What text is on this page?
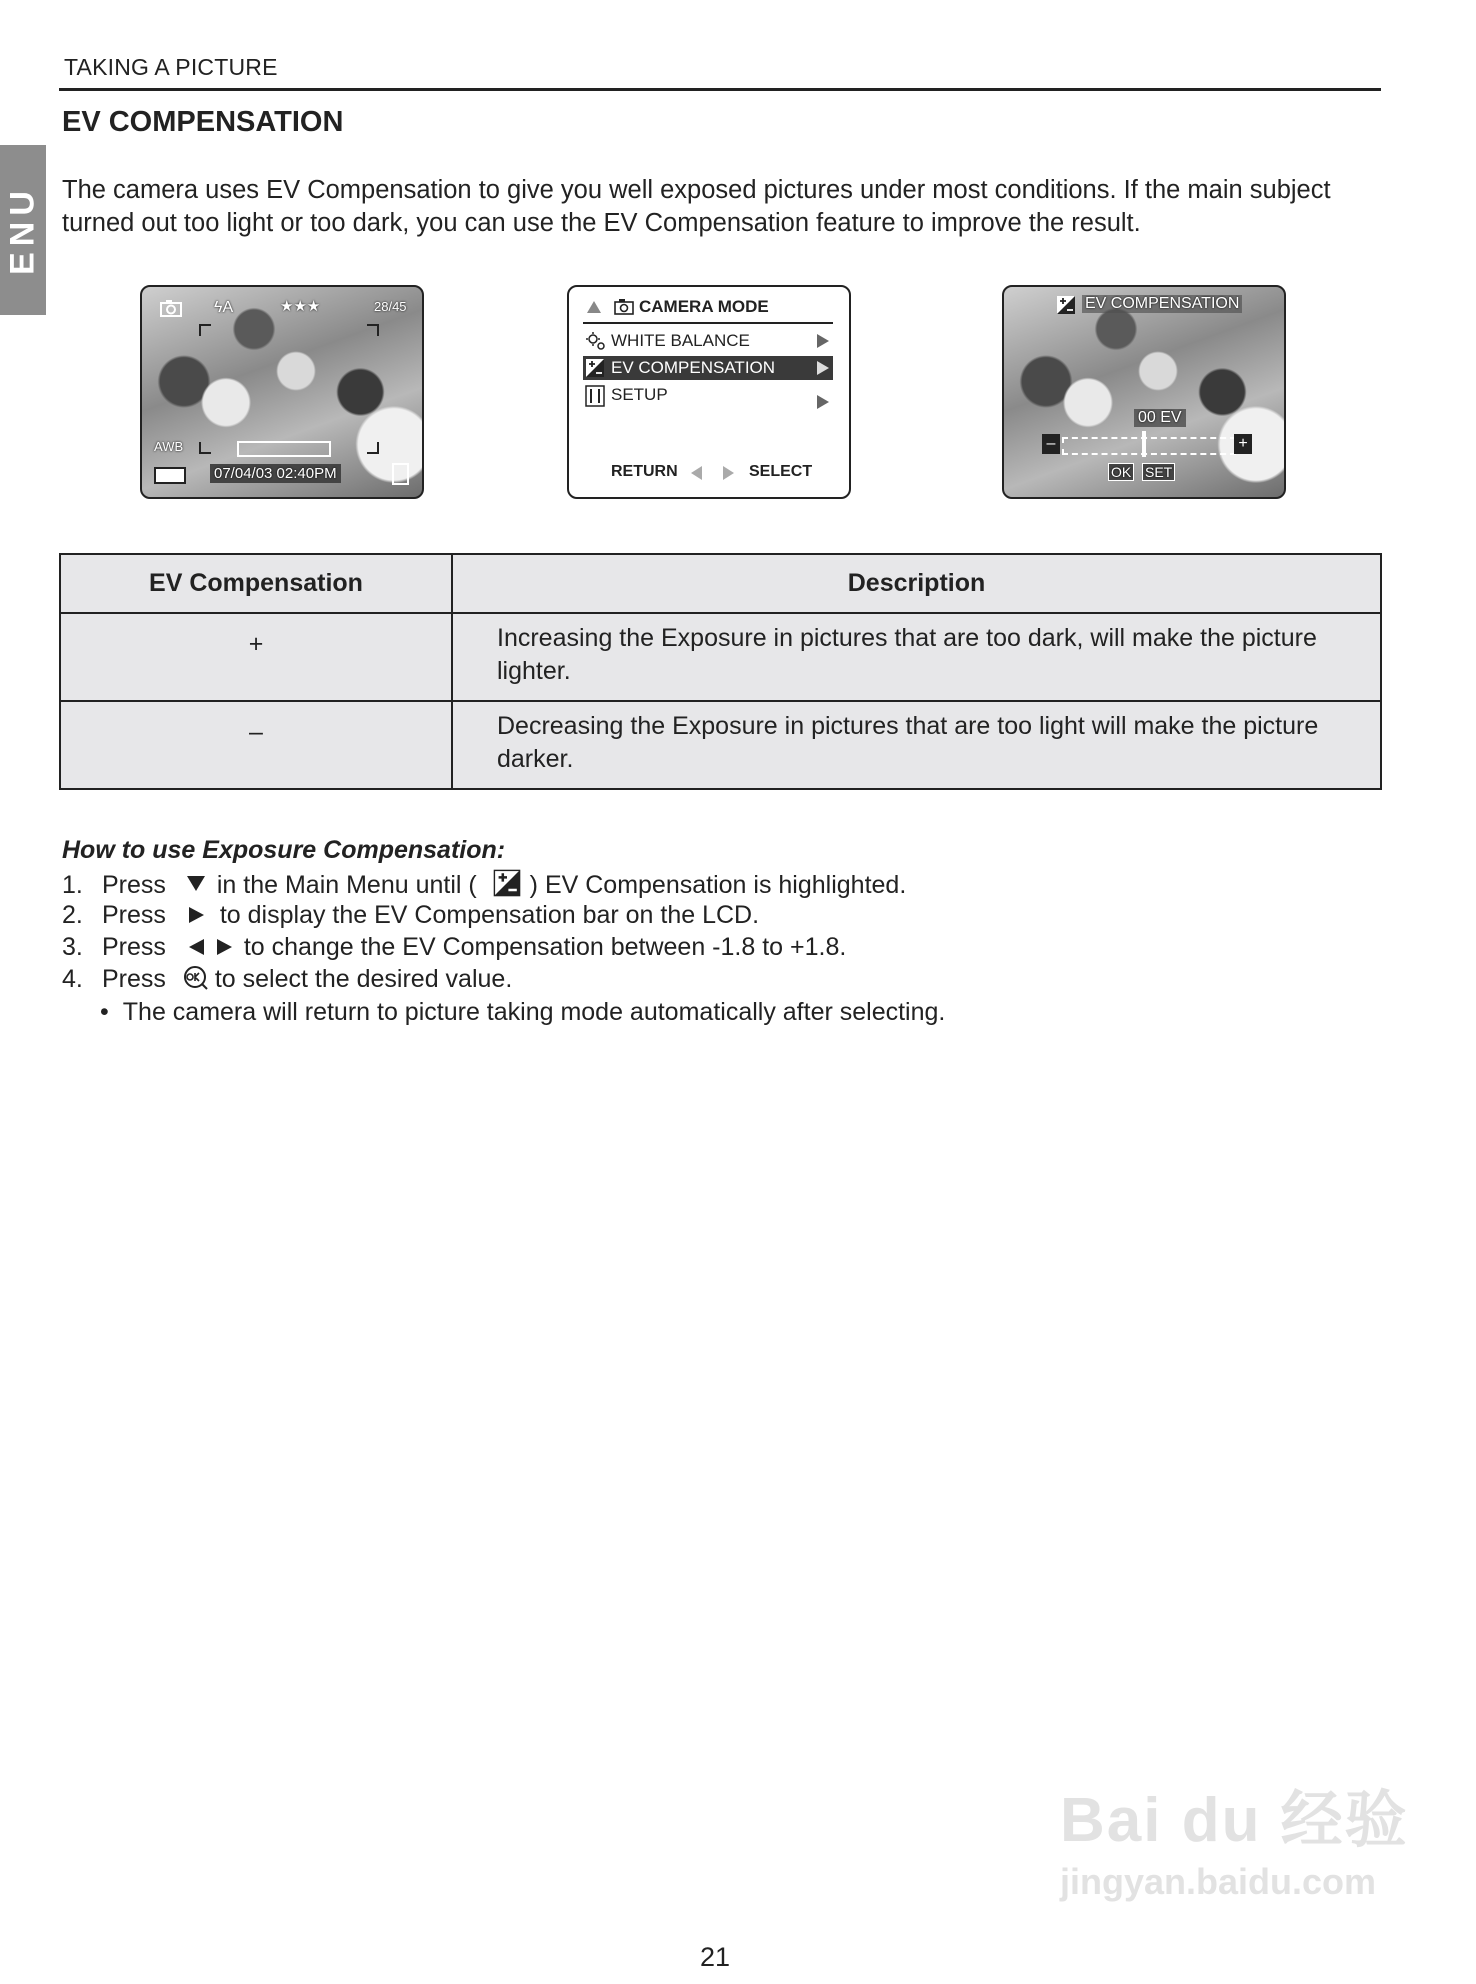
TAKING A PICTURE
ENU
EV COMPENSATION
The camera uses EV Compensation to give you well exposed pictures under most conditions. If the main subject turned out too light or too dark, you can use the EV Compensation feature to improve the result.
ϟA	★★★	28/45
AWB
07/04/03 02:40PM
CAMERA MODE
WHITE BALANCE
EV COMPENSATION
SETUP
RETURN	SELECT
EV COMPENSATION
00 EV
–	+
OK SET
EV Compensation	Description
+	Increasing the Exposure in pictures that are too dark, will make the picture lighter.
–	Decreasing the Exposure in pictures that are too light will make the picture darker.
How to use Exposure Compensation:
1. Press in the Main Menu until ( ) EV Compensation is highlighted.
2. Press to display the EV Compensation bar on the LCD.
3. Press	to change the EV Compensation between -1.8 to +1.8.
4. Press to select the desired value.
• The camera will return to picture taking mode automatically after selecting.
21
Bai du 经验
jingyan.baidu.com
